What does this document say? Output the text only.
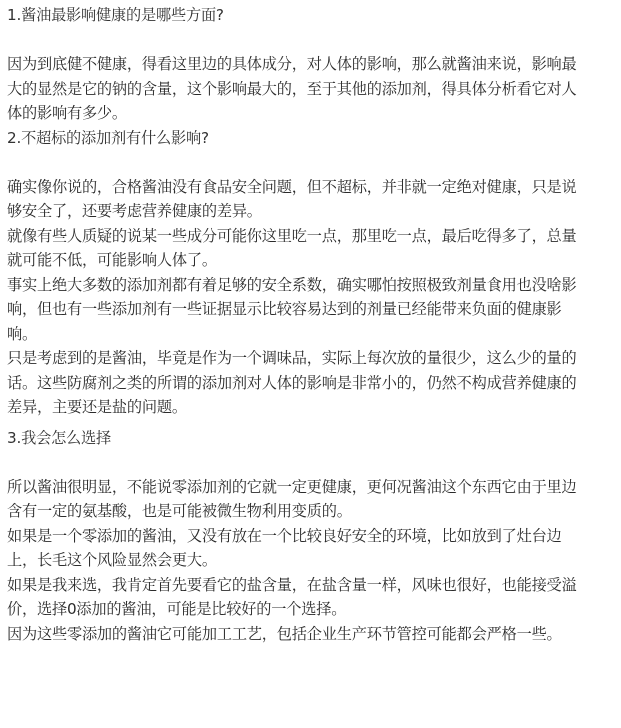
1.酱油最影响健康的是哪些方面?
因为到底健不健康，得看这里边的具体成分，对人体的影响，那么就酱油来说，影响最
大的显然是它的钠的含量，这个影响最大的，至于其他的添加剂，得具体分析看它对人
体的影响有多少。
2.不超标的添加剂有什么影响?
确实像你说的，合格酱油没有食品安全问题，但不超标，并非就一定绝对健康，只是说
够安全了，还要考虑营养健康的差异。
就像有些人质疑的说某一些成分可能你这里吃一点，那里吃一点，最后吃得多了，总量
就可能不低，可能影响人体了。
事实上绝大多数的添加剂都有着足够的安全系数，确实哪怕按照极致剂量食用也没啥影
响，但也有一些添加剂有一些证据显示比较容易达到的剂量已经能带来负面的健康影
响。
只是考虑到的是酱油，毕竟是作为一个调味品，实际上每次放的量很少，这么少的量的
话。这些防腐剂之类的所谓的添加剂对人体的影响是非常小的，仍然不构成营养健康的
差异，主要还是盐的问题。
3.我会怎么选择
所以酱油很明显，不能说零添加剂的它就一定更健康，更何况酱油这个东西它由于里边
含有一定的氨基酸，也是可能被微生物利用变质的。
如果是一个零添加的酱油，又没有放在一个比较良好安全的环境，比如放到了灶台边
上，长毛这个风险显然会更大。
如果是我来选，我肯定首先要看它的盐含量，在盐含量一样，风味也很好，也能接受溢
价，选择0添加的酱油，可能是比较好的一个选择。
因为这些零添加的酱油它可能加工工艺，包括企业生产环节管控可能都会严格一些。
